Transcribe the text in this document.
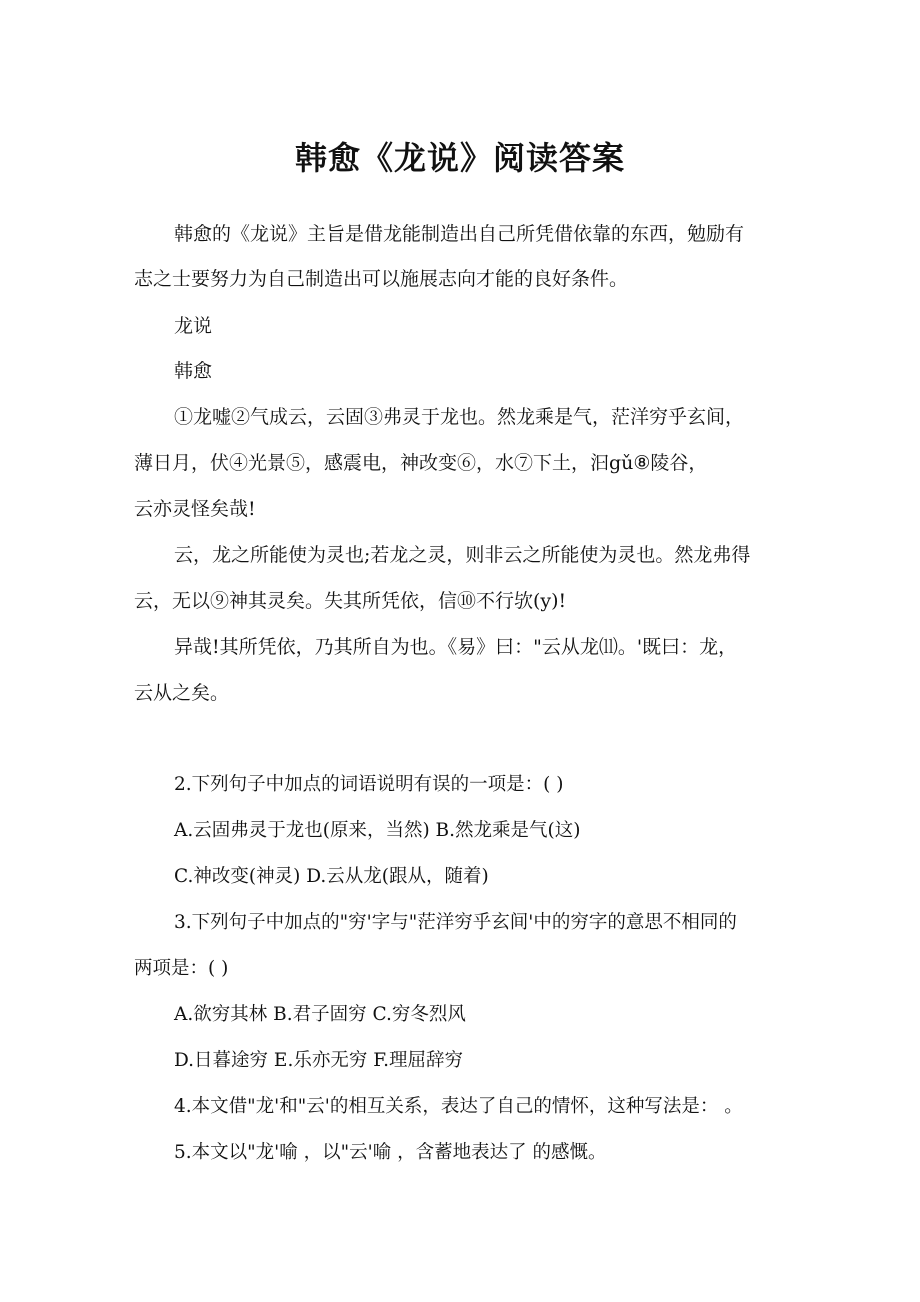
韩愈《龙说》阅读答案
韩愈的《龙说》主旨是借龙能制造出自己所凭借依靠的东西，勉励有
志之士要努力为自己制造出可以施展志向才能的良好条件。
龙说
韩愈
①龙嘘②气成云，云固③弗灵于龙也。然龙乘是气，茫洋穷乎玄间，
薄日月，伏④光景⑤，感震电，神改变⑥，水⑦下土，汩gǔ⑧陵谷，
云亦灵怪矣哉!
云，龙之所能使为灵也;若龙之灵，则非云之所能使为灵也。然龙弗得
云，无以⑨神其灵矣。失其所凭依，信⑩不行欤(y)!
异哉!其所凭依，乃其所自为也。《易》曰："云从龙⑾。'既曰：龙，
云从之矣。
2.下列句子中加点的词语说明有误的一项是：( )
A.云固弗灵于龙也(原来，当然) B.然龙乘是气(这)
C.神改变(神灵) D.云从龙(跟从，随着)
3.下列句子中加点的"穷'字与"茫洋穷乎玄间'中的穷字的意思不相同的
两项是：( )
A.欲穷其林 B.君子固穷 C.穷冬烈风
D.日暮途穷 E.乐亦无穷 F.理屈辞穷
4.本文借"龙'和"云'的相互关系，表达了自己的情怀，这种写法是： 。
5.本文以"龙'喻 ，以"云'喻 ，含蓄地表达了 的感慨。
